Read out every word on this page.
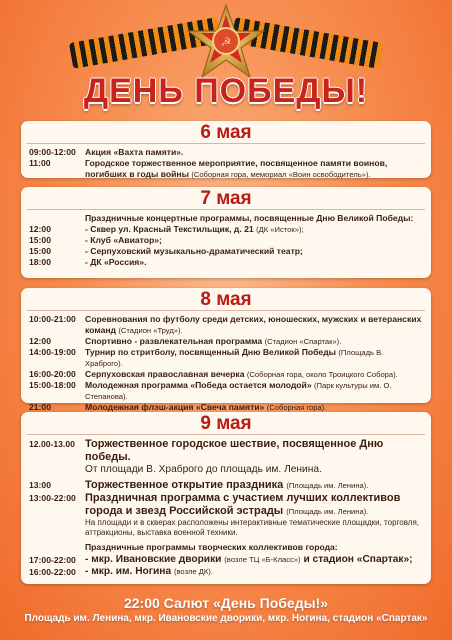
☭
ДЕНЬ ПОБЕДЫ!
6 мая
09:00-12:00	Акция «Вахта памяти».
11:00	Городское торжественное мероприятие, посвященное памяти воинов, погибших в годы войны (Соборная гора, мемориал «Воин освободитель»).
7 мая
Праздничные концертные программы, посвященные Дню Великой Победы:
12:00	- Сквер ул. Красный Текстильщик, д. 21 (ДК «Исток»);
15:00	- Клуб «Авиатор»;
15:00	- Серпуховский музыкально-драматический театр;
18:00	- ДК «Россия».
8 мая
10:00-21:00	Соревнования по футболу среди детских, юношеских, мужских и ветеранских команд (Стадион «Труд»).
12:00	Спортивно - развлекательная программа (Стадион «Спартак»).
14:00-19:00	Турнир по стритболу, посвященный Дню Великой Победы (Площадь В. Храброго).
16:00-20:00	Серпуховская православная вечерка (Соборная гора, около Троицкого Собора).
15:00-18:00	Молодежная программа «Победа остается молодой» (Парк культуры им. О. Степанова).
21:00	Молодежная флэш-акция «Свеча памяти» (Соборная гора).
9 мая
12.00-13.00 Торжественное городское шествие, посвященное Дню победы.
От площади В. Храброго до площадь им. Ленина.
13:00	Торжественное открытие праздника (Площадь им. Ленина).
13:00-22:00 Праздничная программа с участием лучших коллективов города и звезд Российской эстрады (Площадь им. Ленина).
На площади и в скверах расположены интерактивные тематические площадки, торговля, аттракционы, выставка военной техники.
Праздничные программы творческих коллективов города:
17:00-22:00 - мкр. Ивановские дворики (возле ТЦ «Б-Класс») и стадион «Спартак»;
16:00-22:00 - мкр. им. Ногина (возле ДК).
22:00 Салют «День Победы!»
Площадь им. Ленина, мкр. Ивановские дворики, мкр. Ногина, стадион «Спартак»
